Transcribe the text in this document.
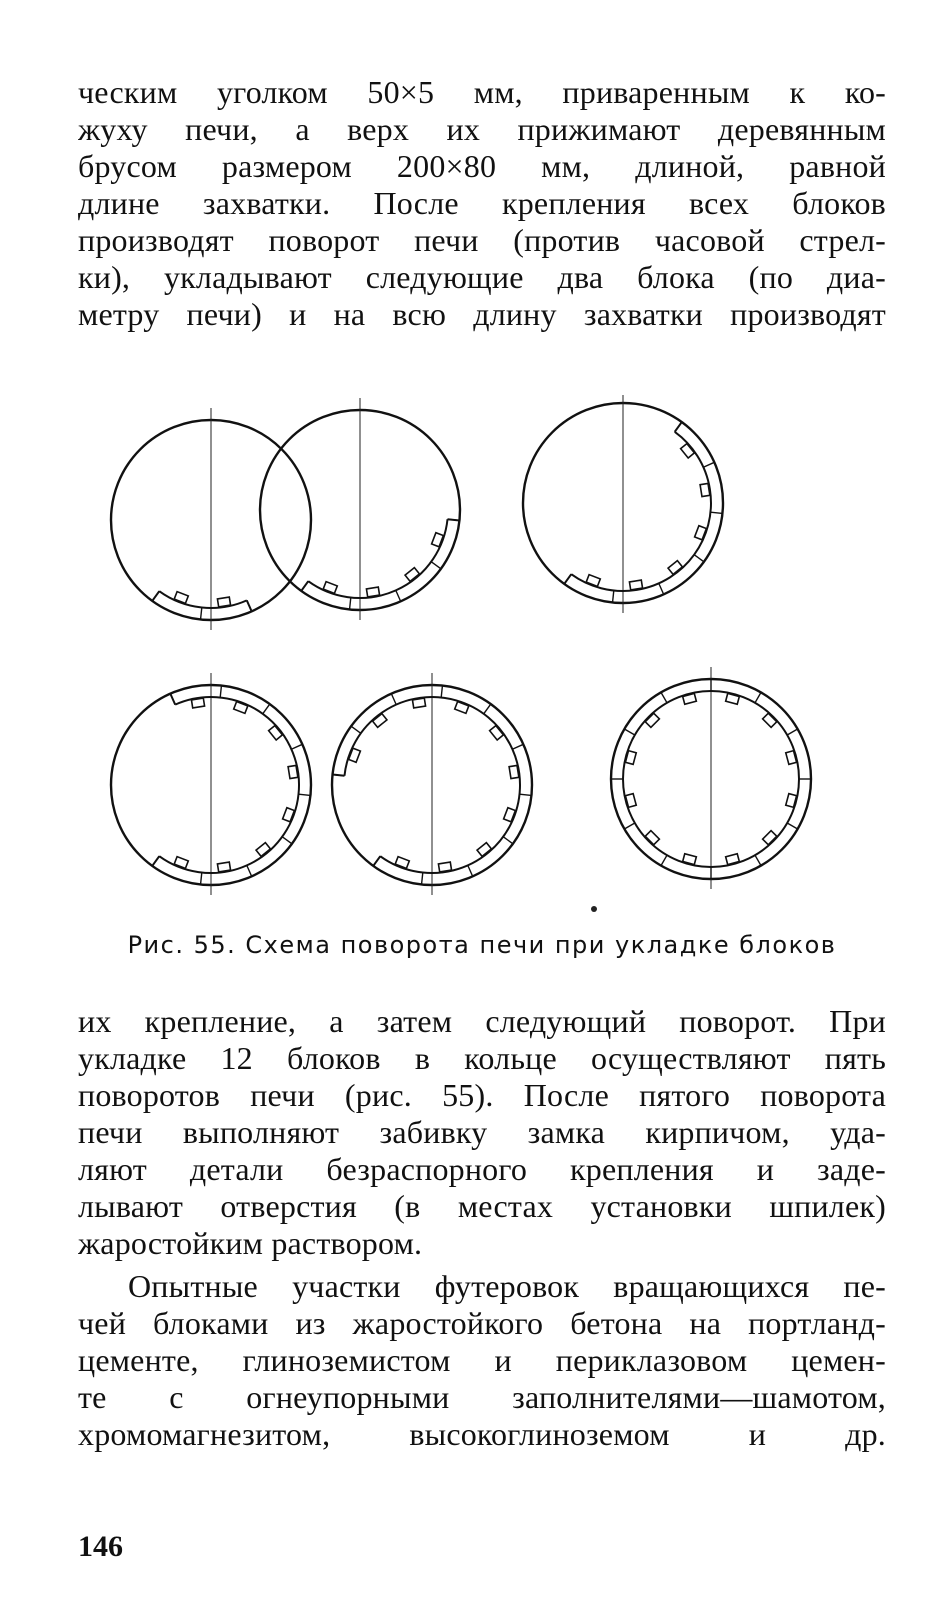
ческим уголком 50×5 мм, приваренным к ко-
жуху печи, а верх их прижимают деревянным
брусом размером 200×80 мм, длиной, равной
длине захватки. После крепления всех блоков
производят поворот печи (против часовой стрел-
ки), укладывают следующие два блока (по диа-
метру печи) и на всю длину захватки производят
Рис. 55. Схема поворота печи при укладке блоков
их крепление, а затем следующий поворот. При
укладке 12 блоков в кольце осуществляют пять
поворотов печи (рис. 55). После пятого поворота
печи выполняют забивку замка кирпичом, уда-
ляют детали безраспорного крепления и заде-
лывают отверстия (в местах установки шпилек)
жаростойким раствором.
Опытные участки футеровок вращающихся пе-
чей блоками из жаростойкого бетона на портланд-
цементе, глиноземистом и периклазовом цемен-
те с огнеупорными заполнителями—шамотом,
хромомагнезитом, высокоглиноземом и др.
146
